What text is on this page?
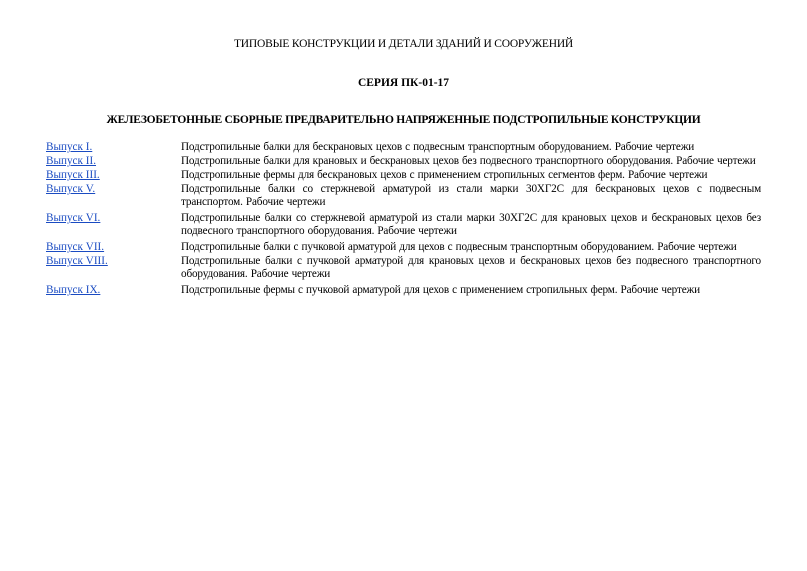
ТИПОВЫЕ КОНСТРУКЦИИ И ДЕТАЛИ ЗДАНИЙ И СООРУЖЕНИЙ
СЕРИЯ ПК-01-17
ЖЕЛЕЗОБЕТОННЫЕ СБОРНЫЕ ПРЕДВАРИТЕЛЬНО НАПРЯЖЕННЫЕ ПОДСТРОПИЛЬНЫЕ КОНСТРУКЦИИ
Выпуск I.	Подстропильные балки для бескрановых цехов с подвесным транспортным оборудованием. Рабочие чертежи
Выпуск II.	Подстропильные балки для крановых и бескрановых цехов без подвесного транспортного оборудования. Рабочие чертежи
Выпуск III.	Подстропильные фермы для бескрановых цехов с применением стропильных сегментов ферм. Рабочие чертежи
Выпуск V.	Подстропильные балки со стержневой арматурой из стали марки 30ХГ2С для бескрановых цехов с подвесным транспортом. Рабочие чертежи
Выпуск VI.	Подстропильные балки со стержневой арматурой из стали марки 30ХГ2С для крановых цехов и бескрановых цехов без подвесного транспортного оборудования. Рабочие чертежи
Выпуск VII.	Подстропильные балки с пучковой арматурой для цехов с подвесным транспортным оборудованием. Рабочие чертежи
Выпуск VIII.	Подстропильные балки с пучковой арматурой для крановых цехов и бескрановых цехов без подвесного транспортного оборудования. Рабочие чертежи
Выпуск IX.	Подстропильные фермы с пучковой арматурой для цехов с применением стропильных ферм. Рабочие чертежи
